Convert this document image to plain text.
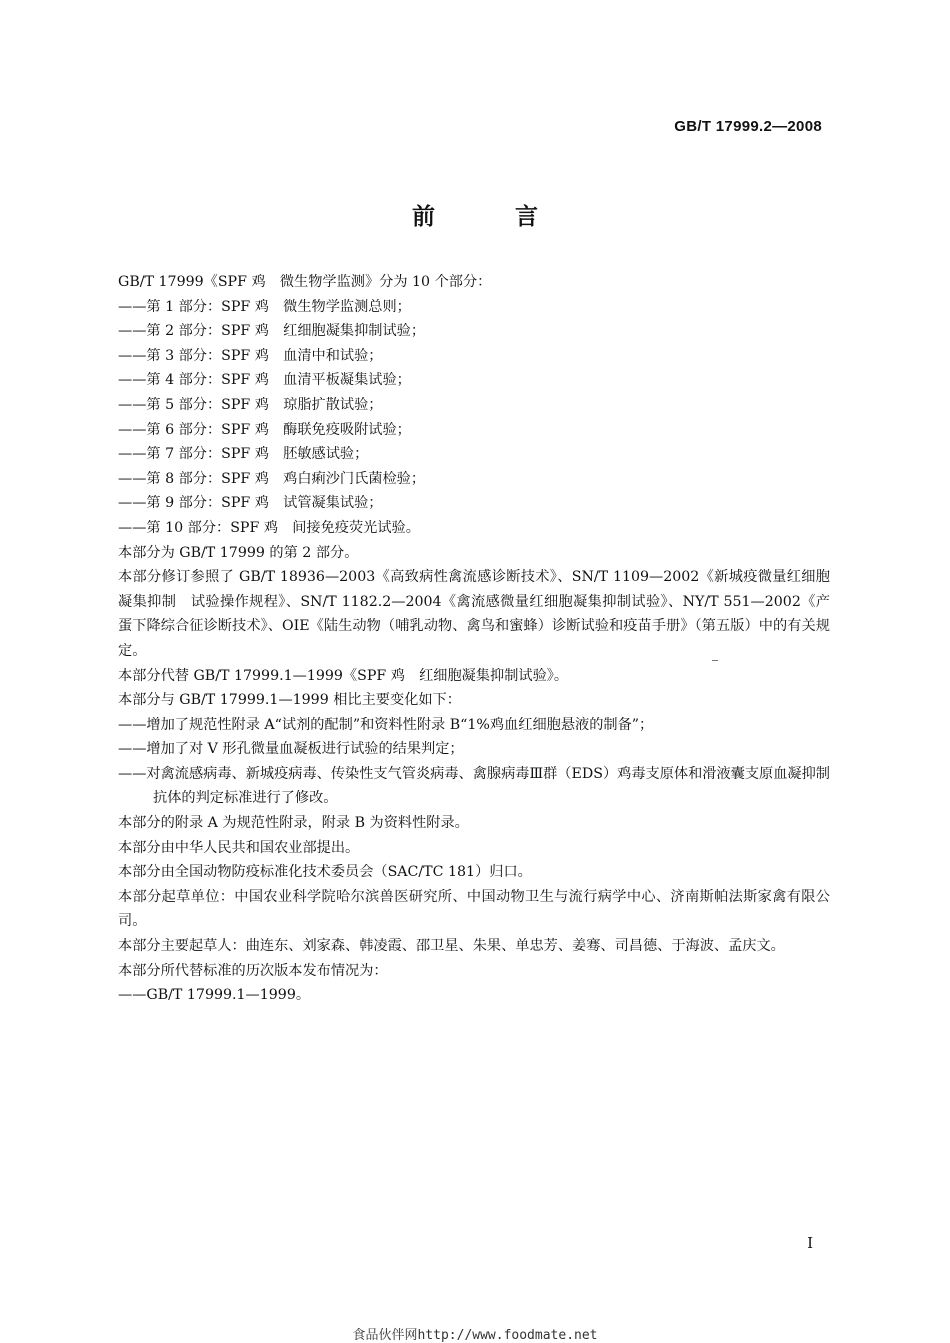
GB/T 17999.2—2008
前 言
GB/T 17999《SPF 鸡　微生物学监测》分为 10 个部分：
——第 1 部分：SPF 鸡　微生物学监测总则；
——第 2 部分：SPF 鸡　红细胞凝集抑制试验；
——第 3 部分：SPF 鸡　血清中和试验；
——第 4 部分：SPF 鸡　血清平板凝集试验；
——第 5 部分：SPF 鸡　琼脂扩散试验；
——第 6 部分：SPF 鸡　酶联免疫吸附试验；
——第 7 部分：SPF 鸡　胚敏感试验；
——第 8 部分：SPF 鸡　鸡白痢沙门氏菌检验；
——第 9 部分：SPF 鸡　试管凝集试验；
——第 10 部分：SPF 鸡　间接免疫荧光试验。
本部分为 GB/T 17999 的第 2 部分。
本部分修订参照了 GB/T 18936—2003《高致病性禽流感诊断技术》、SN/T 1109—2002《新城疫微量红细胞凝集抑制　试验操作规程》、SN/T 1182.2—2004《禽流感微量红细胞凝集抑制试验》、NY/T 551—2002《产蛋下降综合征诊断技术》、OIE《陆生动物（哺乳动物、禽鸟和蜜蜂）诊断试验和疫苗手册》（第五版）中的有关规定。
本部分代替 GB/T 17999.1—1999《SPF 鸡　红细胞凝集抑制试验》。
本部分与 GB/T 17999.1—1999 相比主要变化如下：
——增加了规范性附录 A“试剂的配制”和资料性附录 B“1%鸡血红细胞悬液的制备”；
——增加了对 V 形孔微量血凝板进行试验的结果判定；
——对禽流感病毒、新城疫病毒、传染性支气管炎病毒、禽腺病毒Ⅲ群（EDS）鸡毒支原体和滑液囊支原血凝抑制抗体的判定标准进行了修改。
本部分的附录 A 为规范性附录，附录 B 为资料性附录。
本部分由中华人民共和国农业部提出。
本部分由全国动物防疫标准化技术委员会（SAC/TC 181）归口。
本部分起草单位：中国农业科学院哈尔滨兽医研究所、中国动物卫生与流行病学中心、济南斯帕法斯家禽有限公司。
本部分主要起草人：曲连东、刘家森、韩凌霞、邵卫星、朱果、单忠芳、姜骞、司昌德、于海波、孟庆文。
本部分所代替标准的历次版本发布情况为：
——GB/T 17999.1—1999。
I
食品伙伴网http://www.foodmate.net
